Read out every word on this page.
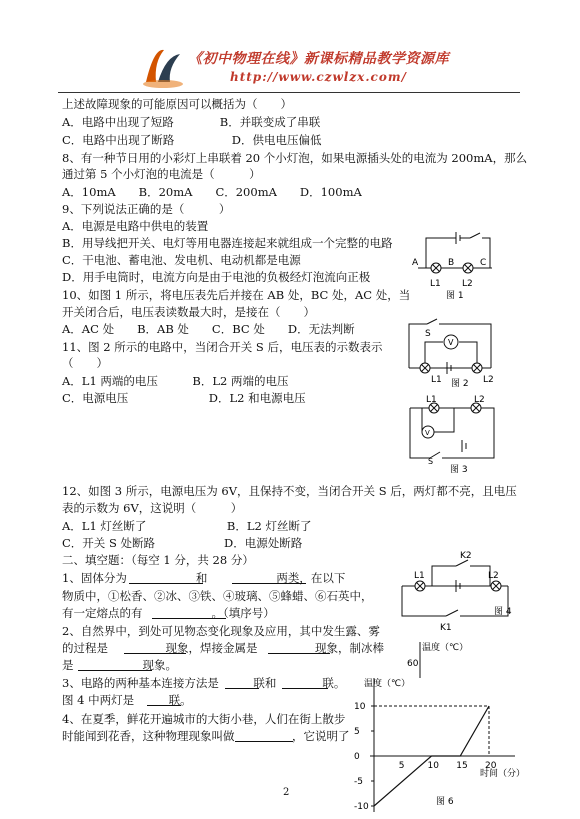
《初中物理在线》新课标精品教学资源库
http://www.czwlzx.com/
上述故障现象的可能原因可以概括为（　　）
A．电路中出现了短路　　　　B．并联变成了串联
C．电路中出现了断路　　　　　D．供电电压偏低
8、有一种节日用的小彩灯上串联着 20 个小灯泡，如果电源插头处的电流为 200mA，那么
通过第 5 个小灯泡的电流是（　　　）
A．10mA　　B．20mA　　C．200mA　　D．100mA
9、下列说法正确的是（　　　）
A．电源是电路中供电的装置
B．用导线把开关、电灯等用电器连接起来就组成一个完整的电路
C．干电池、蓄电池、发电机、电动机都是电源
D．用手电筒时，电流方向是由于电池的负极经灯泡流向正极
10、如图 1 所示，将电压表先后并接在 AB 处，BC 处，AC 处，当
开关闭合后，电压表读数最大时，是接在（　　）
A．AC 处　　B．AB 处　　C．BC 处　　D．无法判断
11、图 2 所示的电路中，当闭合开关 S 后，电压表的示数表示
（　　）
A．L1 两端的电压　　　B．L2 两端的电压
C．电源电压　　　　　　　D．L2 和电源电压
12、如图 3 所示，电源电压为 6V，且保持不变，当闭合开关 S 后，两灯都不亮，且电压
表的示数为 6V，这说明（　　　）
A．L1 灯丝断了　　　　　　　B．L2 灯丝断了
C．开关 S 处断路　　　　　　D．电源处断路
二、填空题：（每空 1 分，共 28 分）
1、固体分为　　　　　　和　　　　　　两类，在以下
物质中，①松香、②冰、③铁、④玻璃、⑤蜂蜡、⑥石英中，
有一定熔点的有　　　　　　。（填序号）
2、自然界中，到处可见物态变化现象及应用，其中发生露、雾
的过程是　　　　　现象，焊接金属是　　　　　现象，制冰棒
是　　　　　　现象。
3、电路的两种基本连接方法是　　　联和　　　　联。
图 4 中两灯是　　　联。
4、在夏季，鲜花开遍城市的大街小巷，人们在街上散步
时能闻到花香，这种物理现象叫做　　　　　，它说明了
A	B	C
L1 L2
图 1
S
V
L1	L2
图 2
L1	L2
V
S
图 3
K2
L1	L2
K1
图 4
温度（℃）
60
温度（℃）
时间（分）
10
5
0
-5
-10
5	10 15 20
图 6
2
